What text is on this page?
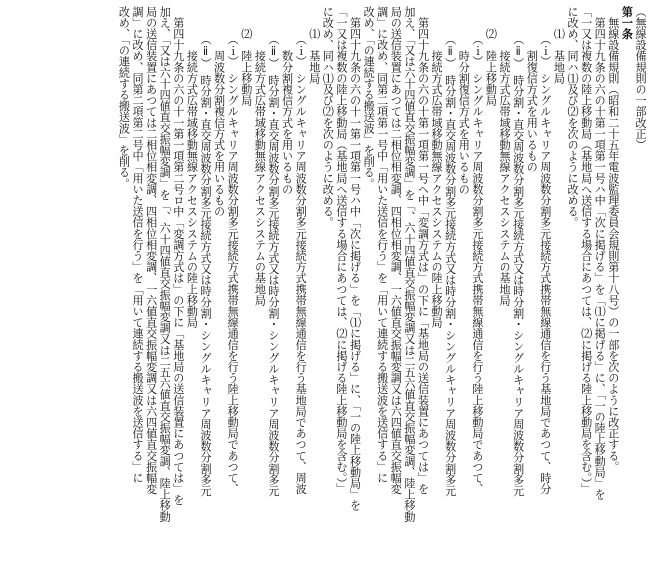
（無線設備規則の一部改正）

第一条

　無線設備規則（昭和二十五年電波監理委員会規則第十八号）の一部を次のように改正する。

　第四十九条の六の十第一項第一号ハ中「次に掲げる」を「⑴に掲げる」に、「一の陸上移動局」を

「一又は複数の陸上移動局（基地局へ送信する場合にあつては、⑵に掲げる陸上移動局を含む。）」

に改め、同ハ⑴及び⑵を次のように改める。

　　⑴　基地局

　　　（ｉ）　シングルキャリア周波数分割多元接続方式携帯無線通信を行う基地局であつて、時分

　　　　割復信方式を用いるもの

　　　（ⅱ）　時分割・直交周波数分割多元接続方式又は時分割・シングルキャリア周波数分割多元

　　　　接続方式広帯域移動無線アクセスシステムの基地局

　　⑵　陸上移動局

　　　（ｉ）　シングルキャリア周波数分割多元接続方式携帯無線通信を行う陸上移動局であつて、

　　　　時分割復信方式を用いるもの

　　　（ⅱ）　時分割・直交周波数分割多元接続方式又は時分割・シングルキャリア周波数分割多元

　　　　接続方式広帯域移動無線アクセスシステムの陸上移動局

　第四十九条の六の十第一項第一号ヘ中「変調方式は」の下に「基地局の送信装置にあつては」を

加え、「又は六十四値直交振幅変調」を「、六十四値直交振幅変調又は二五六値直交振幅変調、陸上移動

局の送信装置にあつては二相位相変調、四相位相変調、一六値直交振幅変調又は六四値直交振幅変

調」に改め、同第二項第一号中「用いた送信を行う」を「用いて連続する搬送波を送信する」に

改め、「の連続する搬送波」を削る。

　第四十九条の六の十一第一項第一号ハ中「次に掲げる」を「⑴に掲げる」に、「一の陸上移動局」を

「一又は複数の陸上移動局（基地局へ送信する場合にあつては、⑵に掲げる陸上移動局を含む。）」

に改め、同ハ⑴及び⑵を次のように改める。

　　⑴　基地局

　　　（ｉ）　シングルキャリア周波数分割多元接続方式携帯無線通信を行う基地局であつて、周波

　　　　数分割複信方式を用いるもの

　　　（ⅱ）　時分割・直交周波数分割多元接続方式又は時分割・シングルキャリア周波数分割多元

　　　　接続方式広帯域移動無線アクセスシステムの基地局

　　⑵　陸上移動局

　　　（ｉ）　シングルキャリア周波数分割多元接続方式携帯無線通信を行う陸上移動局であつて、

　　　　周波数分割複信方式を用いるもの

　　　（ⅱ）　時分割・直交周波数分割多元接続方式又は時分割・シングルキャリア周波数分割多元

　　　　接続方式広帯域移動無線アクセスシステムの陸上移動局

　第四十九条の六の十一第一項第二号ロ中「変調方式は」の下に「基地局の送信装置にあつては」を

加え、「又は六十四値直交振幅変調」を「、六十四値直交振幅変調又は二五六値直交振幅変調、陸上移動

局の送信装置にあつては二相位相変調、四相位相変調、一六値直交振幅変調又は六四値直交振幅変

調」に改め、同第二項第二号中「用いた送信を行う」を「用いて連続する搬送波を送信する」に

改め、「の連続する搬送波」を削る。
